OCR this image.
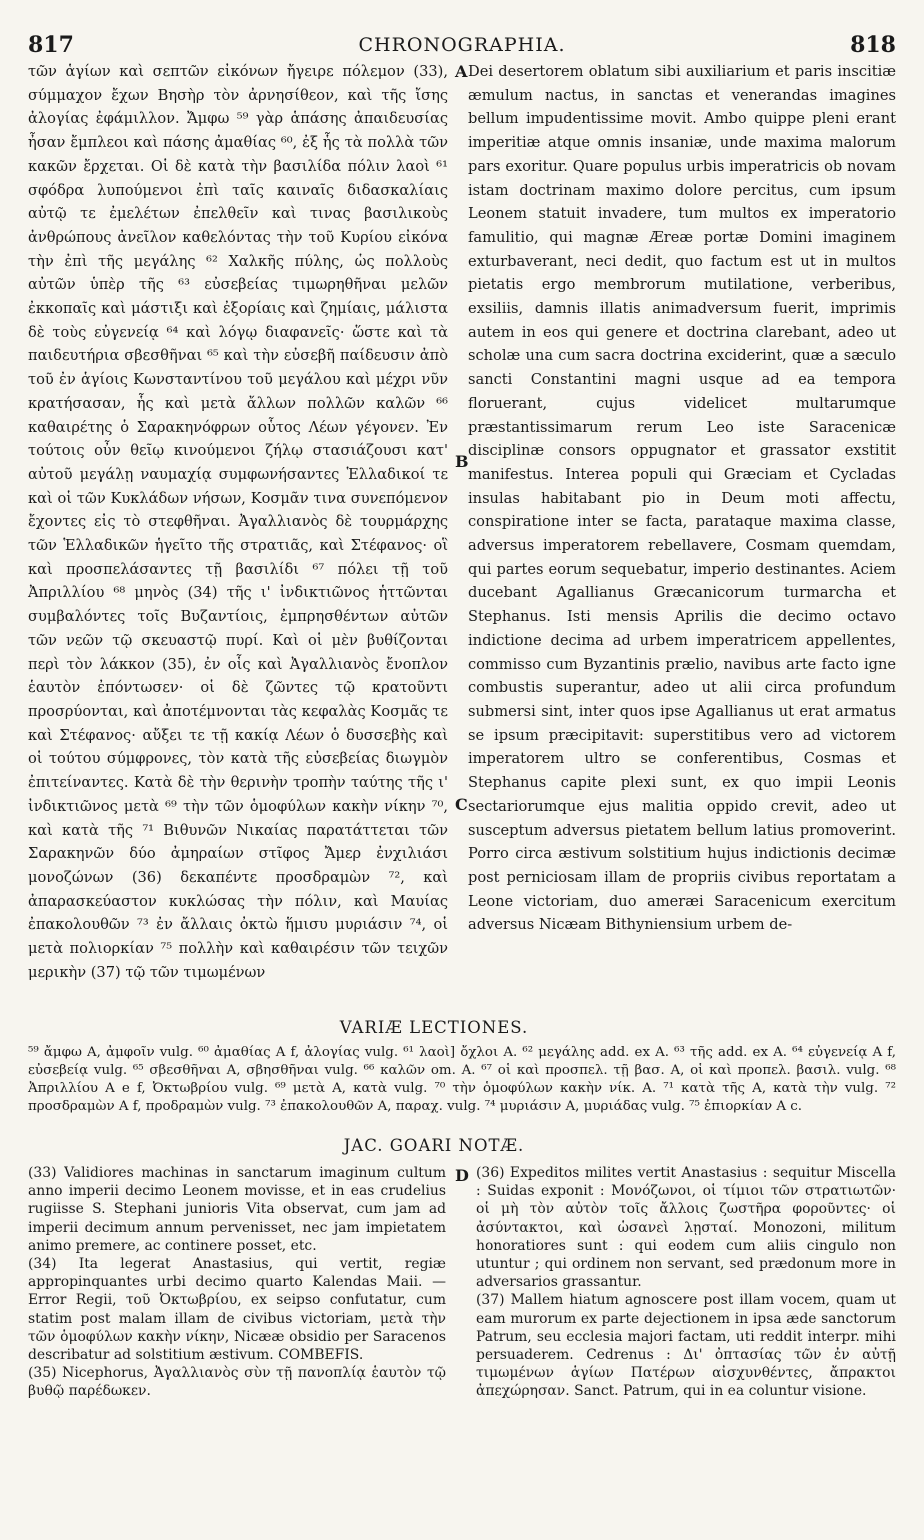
817	CHRONOGRAPHIA.	818

τῶν ἁγίων καὶ σεπτῶν εἰκόνων ἤγειρε πόλεμον (33), σύμμαχον ἔχων Βησὴρ τὸν ἀρνησίθεον, καὶ τῆς ἴσης ἀλογίας ἐφάμιλλον. Ἄμφω ⁵⁹ γὰρ ἁπάσης ἀπαιδευσίας ἦσαν ἔμπλεοι καὶ πάσης ἀμαθίας ⁶⁰, ἐξ ἧς τὰ πολλὰ τῶν κακῶν ἔρχεται. Οἱ δὲ κατὰ τὴν βασιλίδα πόλιν λαοὶ ⁶¹ σφόδρα λυπούμενοι ἐπὶ ταῖς καιναῖς διδασκαλίαις αὐτῷ τε ἐμελέτων ἐπελθεῖν καὶ τινας βασιλικοὺς ἀνθρώπους ἀνεῖλον καθελόντας τὴν τοῦ Κυρίου εἰκόνα τὴν ἐπὶ τῆς μεγάλης ⁶² Χαλκῆς πύλης, ὡς πολλοὺς αὐτῶν ὑπὲρ τῆς ⁶³ εὐσεβείας τιμωρηθῆναι μελῶν ἐκκοπαῖς καὶ μάστιξι καὶ ἐξορίαις καὶ ζημίαις, μάλιστα δὲ τοὺς εὐγενείᾳ ⁶⁴ καὶ λόγῳ διαφανεῖς· ὥστε καὶ τὰ παιδευτήρια σβεσθῆναι ⁶⁵ καὶ τὴν εὐσεβῆ παίδευσιν ἀπὸ τοῦ ἐν ἁγίοις Κωνσταντίνου τοῦ μεγάλου καὶ μέχρι νῦν κρατήσασαν, ἧς καὶ μετὰ ἄλλων πολλῶν καλῶν ⁶⁶ καθαιρέτης ὁ Σαρακηνόφρων οὗτος Λέων γέγονεν. Ἐν τούτοις οὖν θεῖῳ κινούμενοι ζήλῳ στασιάζουσι κατ' αὐτοῦ μεγάλῃ ναυμαχίᾳ συμφωνήσαντες Ἑλλαδικοί τε καὶ οἱ τῶν Κυκλάδων νήσων, Κοσμᾶν τινα συνεπόμενον ἔχοντες εἰς τὸ στεφθῆναι. Ἀγαλλιανὸς δὲ τουρμάρχης τῶν Ἑλλαδικῶν ἡγεῖτο τῆς στρατιᾶς, καὶ Στέφανος· οἳ καὶ προσπελάσαντες τῇ βασιλίδι ⁶⁷ πόλει τῇ τοῦ Ἀπριλλίου ⁶⁸ μηνὸς (34) τῆς ι' ἰνδικτιῶνος ἡττῶνται συμβαλόντες τοῖς Βυζαντίοις, ἐμπρησθέντων αὐτῶν τῶν νεῶν τῷ σκευαστῷ πυρί. Καὶ οἱ μὲν βυθίζονται περὶ τὸν λάκκον (35), ἐν οἷς καὶ Ἀγαλλιανὸς ἔνοπλον ἑαυτὸν ἐπόντωσεν· οἱ δὲ ζῶντες τῷ κρατοῦντι προσρύονται, καὶ ἀποτέμνονται τὰς κεφαλὰς Κοσμᾶς τε καὶ Στέφανος· αὔξει τε τῇ κακίᾳ Λέων ὁ δυσσεβὴς καὶ οἱ τούτου σύμφρονες, τὸν κατὰ τῆς εὐσεβείας διωγμὸν ἐπιτείναντες. Κατὰ δὲ τὴν θερινὴν τροπὴν ταύτης τῆς ι' ἰνδικτιῶνος μετὰ ⁶⁹ τὴν τῶν ὁμοφύλων κακὴν νίκην ⁷⁰, καὶ κατὰ τῆς ⁷¹ Βιθυνῶν Νικαίας παρατάττεται τῶν Σαρακηνῶν δύο ἀμηραίων στῖφος Ἄμερ ἐνχιλιάσι μονοζώνων (36) δεκαπέντε προσδραμὼν ⁷², καὶ ἀπαρασκεύαστον κυκλώσας τὴν πόλιν, καὶ Μαυίας ἐπακολουθῶν ⁷³ ἐν ἄλλαις ὀκτὼ ἥμισυ μυριάσιν ⁷⁴, οἱ μετὰ πολιορκίαν ⁷⁵ πολλὴν καὶ καθαιρέσιν τῶν τειχῶν μερικὴν (37) τῷ τῶν τιμωμένων

Dei desertorem oblatum sibi auxiliarium et paris inscitiæ æmulum nactus, in sanctas et venerandas imagines bellum impudentissime movit. Ambo quippe pleni erant imperitiæ atque omnis insaniæ, unde maxima malorum pars exoritur. Quare populus urbis imperatricis ob novam istam doctrinam maximo dolore percitus, cum ipsum Leonem statuit invadere, tum multos ex imperatorio famulitio, qui magnæ Æreæ portæ Domini imaginem exturbaverant, neci dedit, quo factum est ut in multos pietatis ergo membrorum mutilatione, verberibus, exsiliis, damnis illatis animadversum fuerit, imprimis autem in eos qui genere et doctrina clarebant, adeo ut scholæ una cum sacra doctrina exciderint, quæ a sæculo sancti Constantini magni usque ad ea tempora floruerant, cujus videlicet multarumque præstantissimarum rerum Leo iste Saracenicæ disciplinæ consors oppugnator et grassator exstitit manifestus. Interea populi qui Græciam et Cycladas insulas habitabant pio in Deum moti affectu, conspiratione inter se facta, parataque maxima classe, adversus imperatorem rebellavere, Cosmam quemdam, qui partes eorum sequebatur, imperio destinantes. Aciem ducebant Agallianus Græcanicorum turmarcha et Stephanus. Isti mensis Aprilis die decimo octavo indictione decima ad urbem imperatricem appellentes, commisso cum Byzantinis prælio, navibus arte facto igne combustis superantur, adeo ut alii circa profundum submersi sint, inter quos ipse Agallianus ut erat armatus se ipsum præcipitavit: superstitibus vero ad victorem imperatorem ultro se conferentibus, Cosmas et Stephanus capite plexi sunt, ex quo impii Leonis sectariorumque ejus malitia oppido crevit, adeo ut susceptum adversus pietatem bellum latius promoverint. Porro circa æstivum solstitium hujus indictionis decimæ post perniciosam illam de propriis civibus reportatam a Leone victoriam, duo ameræi Saracenicum exercitum adversus Nicæam Bithyniensium urbem de-

A
B
C
VARIÆ LECTIONES.
⁵⁹ ἄμφω A, ἀμφοῖν vulg. ⁶⁰ ἀμαθίας A f, ἀλογίας vulg. ⁶¹ λαοὶ] ὄχλοι A. ⁶² μεγάλης add. ex A. ⁶³ τῆς add. ex A. ⁶⁴ εὐγενείᾳ A f, εὐσεβείᾳ vulg. ⁶⁵ σβεσθῆναι A, σβησθῆναι vulg. ⁶⁶ καλῶν om. A. ⁶⁷ οἱ καὶ προσπελ. τῇ βασ. A, οἱ καὶ προπελ. βασιλ. vulg. ⁶⁸ Ἀπριλλίου A e f, Ὀκτωβρίου vulg. ⁶⁹ μετὰ A, κατὰ vulg. ⁷⁰ τὴν ὁμοφύλων κακὴν νίκ. A. ⁷¹ κατὰ τῆς A, κατὰ τὴν vulg. ⁷² προσδραμὼν A f, προδραμὼν vulg. ⁷³ ἐπακολουθῶν A, παραχ. vulg. ⁷⁴ μυριάσιν A, μυριάδας vulg. ⁷⁵ ἐπιορκίαν A c.
JAC. GOARI NOTÆ.

(33) Validiores machinas in sanctarum imaginum cultum anno imperii decimo Leonem movisse, et in eas crudelius rugiisse S. Stephani junioris Vita observat, cum jam ad imperii decimum annum pervenisset, nec jam impietatem animo premere, ac continere posset, etc.

(34) Ita legerat Anastasius, qui vertit, regiæ appropinquantes urbi decimo quarto Kalendas Maii. — Error Regii, τοῦ Ὀκτωβρίου, ex seipso confutatur, cum statim post malam illam de civibus victoriam, μετὰ τὴν τῶν ὁμοφύλων κακὴν νίκην, Nicææ obsidio per Saracenos describatur ad solstitium æstivum. COMBEFIS.

(35) Nicephorus, Ἀγαλλιανὸς σὺν τῇ πανοπλίᾳ ἑαυτὸν τῷ βυθῷ παρέδωκεν.

(36) Expeditos milites vertit Anastasius : sequitur Miscella : Suidas exponit : Μονόζωνοι, οἱ τίμιοι τῶν στρατιωτῶν· οἱ μὴ τὸν αὐτὸν τοῖς ἄλλοις ζωστῆρα φοροῦντες· οἱ ἀσύντακτοι, καὶ ὡσανεὶ λῃσταί. Monozoni, militum honoratiores sunt : qui eodem cum aliis cingulo non utuntur ; qui ordinem non servant, sed prædonum more in adversarios grassantur.

(37) Mallem hiatum agnoscere post illam vocem, quam ut eam murorum ex parte dejectionem in ipsa æde sanctorum Patrum, seu ecclesia majori factam, uti reddit interpr. mihi persuaderem. Cedrenus : Δι' ὀπτασίας τῶν ἐν αὐτῇ τιμωμένων ἁγίων Πατέρων αἰσχυνθέντες, ἄπρακτοι ἀπεχώρησαν. Sanct. Patrum, qui in ea coluntur visione.

D
